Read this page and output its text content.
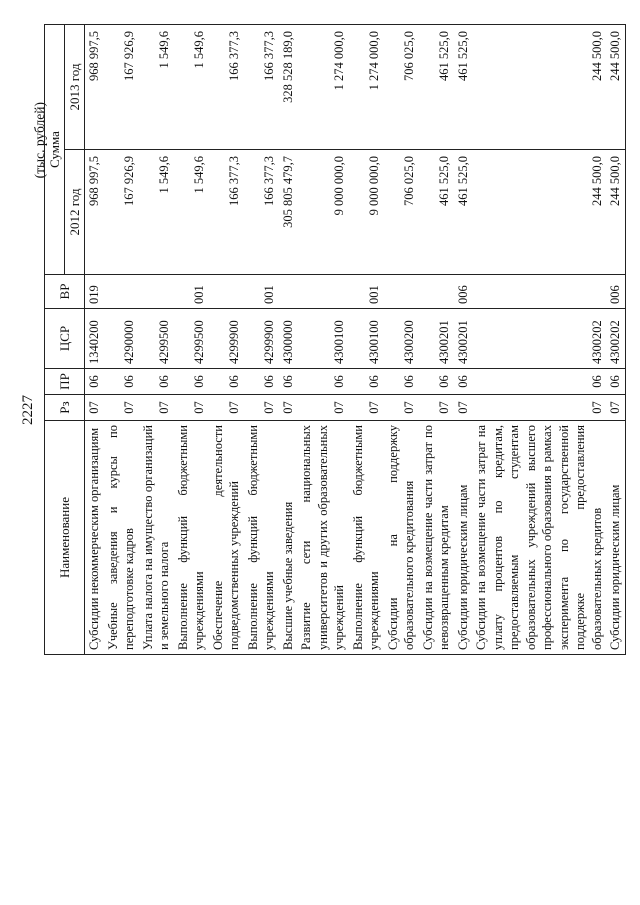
2227
(тыс. рублей)
Наименование	Рз	ПР	ЦСР	ВР	Сумма	
					2012 год	2013 год
Субсидии некоммерческим организациям	07	06	1340200	019	968 997,5	968 997,5
Учебные заведения и курсы по переподготовке кадров	07	06	4290000		167 926,9	167 926,9
Уплата налога на имущество организаций и земельного налога	07	06	4299500		1 549,6	1 549,6
Выполнение функций бюджетными учреждениями	07	06	4299500	001	1 549,6	1 549,6
Обеспечение деятельности подведомственных учреждений	07	06	4299900		166 377,3	166 377,3
Выполнение функций бюджетными учреждениями	07	06	4299900	001	166 377,3	166 377,3
Высшие учебные заведения	07	06	4300000		305 805 479,7	328 528 189,0
Развитие сети национальных университетов и других образовательных учреждений	07	06	4300100		9 000 000,0	1 274 000,0
Выполнение функций бюджетными учреждениями	07	06	4300100	001	9 000 000,0	1 274 000,0
Субсидии на поддержку образовательного кредитования	07	06	4300200		706 025,0	706 025,0
Субсидии на возмещение части затрат по невозвращенным кредитам	07	06	4300201		461 525,0	461 525,0
Субсидии юридическим лицам	07	06	4300201	006	461 525,0	461 525,0
Субсидии на возмещение части затрат на уплату процентов по кредитам, предоставляемым студентам образовательных учреждений высшего профессионального образования в рамках эксперимента по государственной поддержке предоставления образовательных кредитов	07	06	4300202		244 500,0	244 500,0
Субсидии юридическим лицам	07	06	4300202	006	244 500,0	244 500,0
